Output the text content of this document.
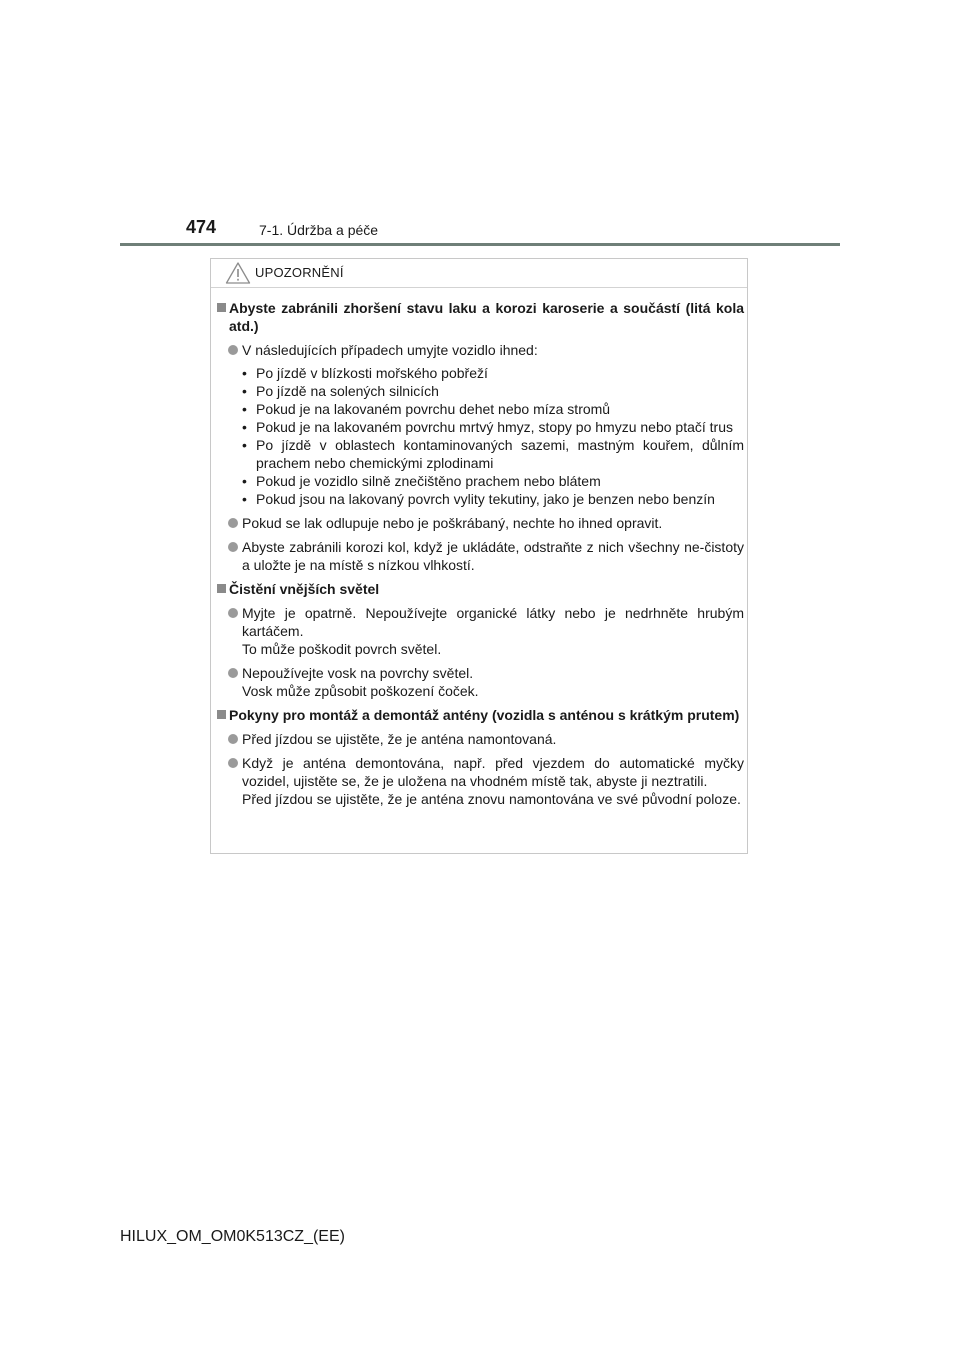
474	7-1. Údržba a péče
UPOZORNĚNÍ
Abyste zabránili zhoršení stavu laku a korozi karoserie a součástí (litá kola atd.)
V následujících případech umyjte vozidlo ihned:
• Po jízdě v blízkosti mořského pobřeží
• Po jízdě na solených silnicích
• Pokud je na lakovaném povrchu dehet nebo míza stromů
• Pokud je na lakovaném povrchu mrtvý hmyz, stopy po hmyzu nebo ptačí trus
• Po jízdě v oblastech kontaminovaných sazemi, mastným kouřem, důlním prachem nebo chemickými zplodinami
• Pokud je vozidlo silně znečištěno prachem nebo blátem
• Pokud jsou na lakovaný povrch vylity tekutiny, jako je benzen nebo benzín
Pokud se lak odlupuje nebo je poškrábaný, nechte ho ihned opravit.
Abyste zabránili korozi kol, když je ukládáte, odstraňte z nich všechny ne-čistoty a uložte je na místě s nízkou vlhkostí.
Čistění vnějších světel
Myjte je opatrně. Nepoužívejte organické látky nebo je nedrhněte hrubým kartáčem.
To může poškodit povrch světel.
Nepoužívejte vosk na povrchy světel.
Vosk může způsobit poškození čoček.
Pokyny pro montáž a demontáž antény (vozidla s anténou s krátkým prutem)
Před jízdou se ujistěte, že je anténa namontovaná.
Když je anténa demontována, např. před vjezdem do automatické myčky vozidel, ujistěte se, že je uložena na vhodném místě tak, abyste ji neztratili.
Před jízdou se ujistěte, že je anténa znovu namontována ve své původní poloze.
HILUX_OM_OM0K513CZ_(EE)
